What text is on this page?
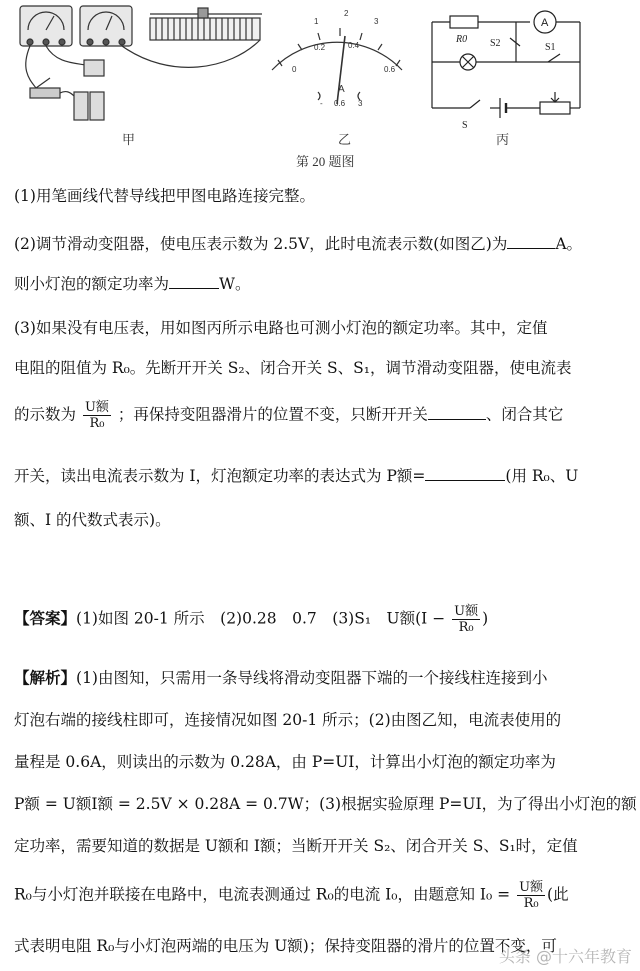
甲
0
0.2	0.4
0.6
1
2
3
A
- 0.6 3
乙
R0
A
S2	S1
S
丙
第 20 题图
(1)用笔画线代替导线把甲图电路连接完整。
(2)调节滑动变阻器，使电压表示数为 2.5V，此时电流表示数(如图乙)为	A。
则小灯泡的额定功率为	W。
(3)如果没有电压表，用如图丙所示电路也可测小灯泡的额定功率。其中，定值
电阻的阻值为 R₀。先断开开关 S₂、闭合开关 S、S₁，调节滑动变阻器，使电流表
的示数为 $\frac{\text{U额}}{\text{R₀}}$ ；再保持变阻器滑片的位置不变，只断开开关	、闭合其它
开关，读出电流表示数为 I，灯泡额定功率的表达式为 P额=	(用 R₀、U
额、I 的代数式表示)。
【答案】(1)如图 20-1 所示　(2)0.28　0.7　(3)S₁　U额($I - \frac{\text{U额}}{\text{R₀}}$ )
【解析】(1)由图知，只需用一条导线将滑动变阻器下端的一个接线柱连接到小
灯泡右端的接线柱即可，连接情况如图 20-1 所示；(2)由图乙知，电流表使用的
量程是 0.6A，则读出的示数为 0.28A，由 P=UI，计算出小灯泡的额定功率为
P额 = U额I额 = 2.5V × 0.28A = 0.7W；(3)根据实验原理 P=UI，为了得出小灯泡的额
定功率，需要知道的数据是 U额和 I额；当断开开关 S₂、闭合开关 S、S₁时，定值
R₀与小灯泡并联接在电路中，电流表测通过 R₀的电流 I₀，由题意知 $I_0 = \frac{\text{U额}}{\text{R₀}}$ (此
式表明电阻 R₀与小灯泡两端的电压为 U额)；保持变阻器的滑片的位置不变，可
头条 @十六年教育
